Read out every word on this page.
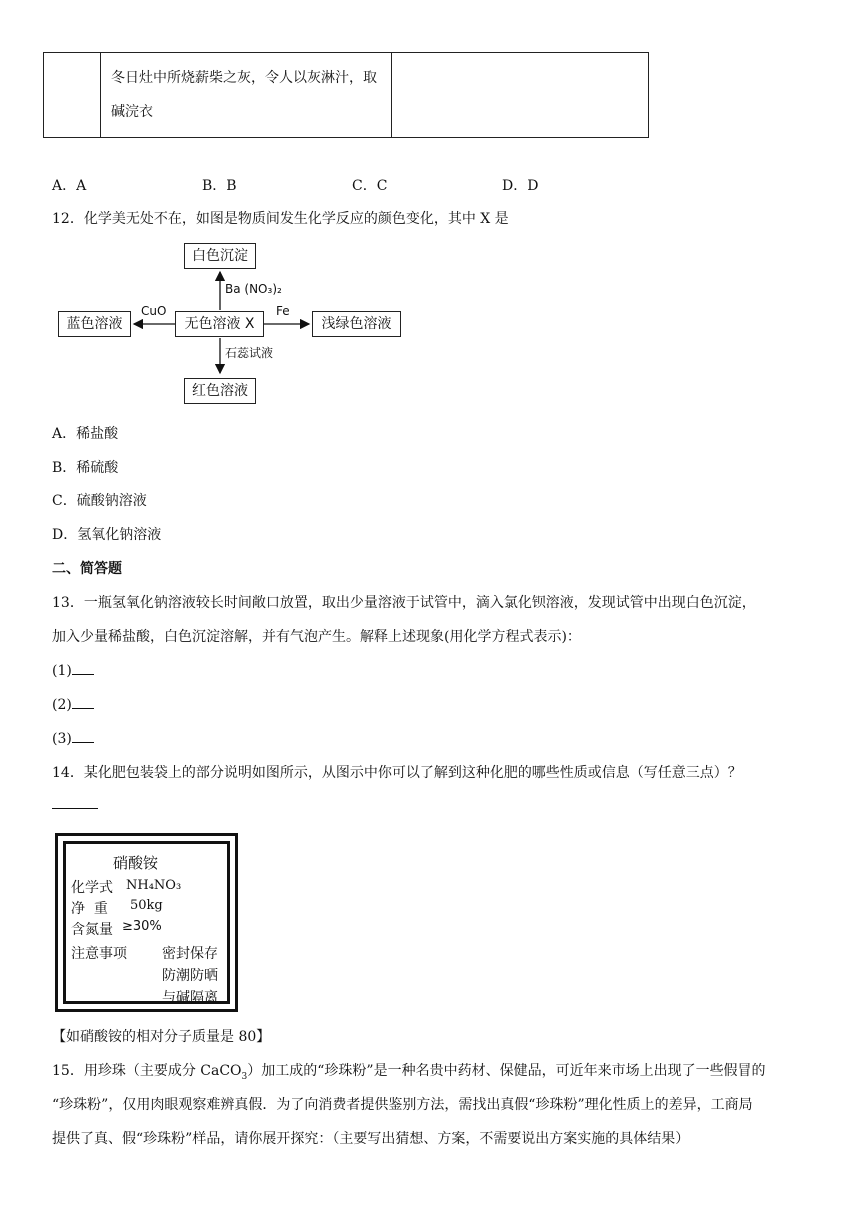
	冬日灶中所烧薪柴之灰，令人以灰淋汁，取碱浣衣	
A．A	B．B	C．C	D．D
12．化学美无处不在，如图是物质间发生化学反应的颜色变化，其中 X 是
白色沉淀
蓝色溶液	无色溶液 X	浅绿色溶液
红色溶液
Ba (NO₃)₂
CuO	Fe
石蕊试液
A．稀盐酸
B．稀硫酸
C．硫酸钠溶液
D．氢氧化钠溶液
二、简答题
13．一瓶氢氧化钠溶液较长时间敞口放置，取出少量溶液于试管中，滴入氯化钡溶液，发现试管中出现白色沉淀，
加入少量稀盐酸，白色沉淀溶解，并有气泡产生。解释上述现象(用化学方程式表示)：
(1)
(2)
(3)
14．某化肥包装袋上的部分说明如图所示，从图示中你可以了解到这种化肥的哪些性质或信息（写任意三点）？
硝酸铵
化学式 NH₄NO₃
净  重 50kg
含氮量 ≥30%
注意事项	密封保存
防潮防晒
与碱隔离
【如硝酸铵的相对分子质量是 80】
15．用珍珠（主要成分 CaCO$_3$）加工成的“珍珠粉”是一种名贵中药材、保健品，可近年来市场上出现了一些假冒的
“珍珠粉”，仅用肉眼观察难辨真假．为了向消费者提供鉴别方法，需找出真假“珍珠粉”理化性质上的差异，工商局
提供了真、假“珍珠粉”样品，请你展开探究：（主要写出猜想、方案，不需要说出方案实施的具体结果）
